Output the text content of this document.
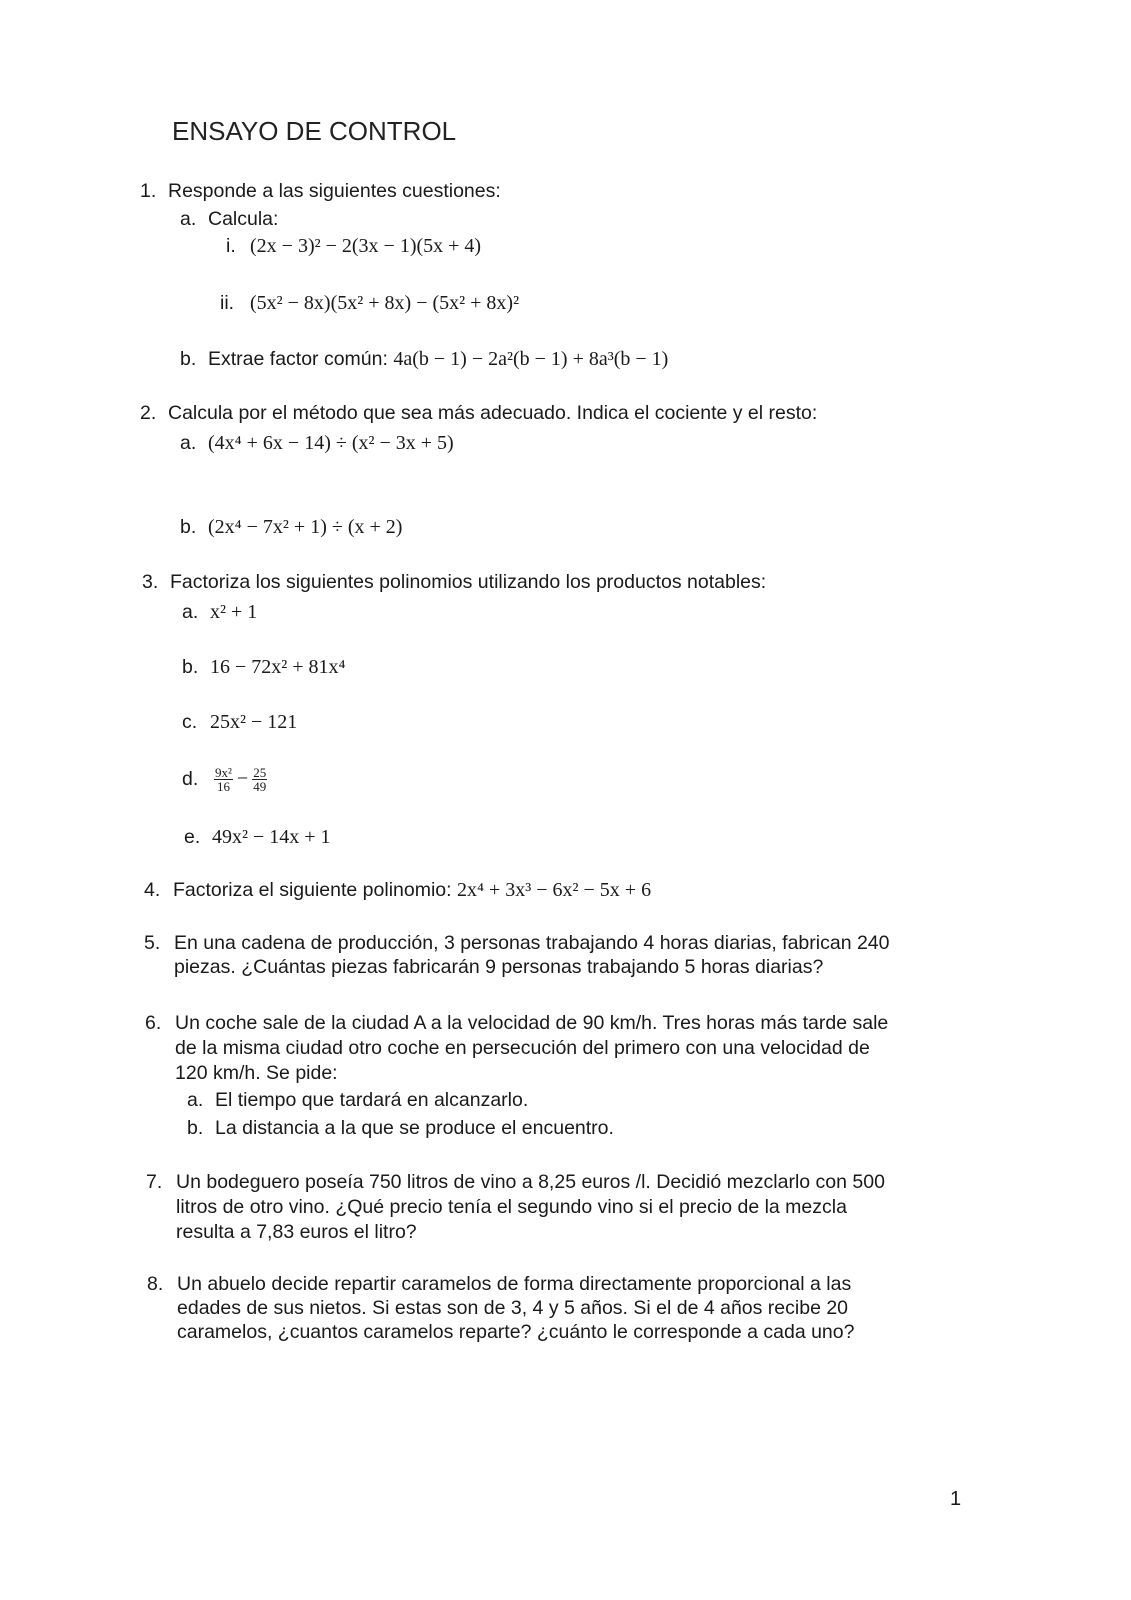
ENSAYO DE CONTROL
1. Responde a las siguientes cuestiones:
a. Calcula:
i. (2x − 3)² − 2(3x − 1)(5x + 4)
ii. (5x² − 8x)(5x² + 8x) − (5x² + 8x)²
b. Extrae factor común: 4a(b − 1) − 2a²(b − 1) + 8a³(b − 1)
2. Calcula por el método que sea más adecuado. Indica el cociente y el resto:
a. (4x⁴ + 6x − 14) ÷ (x² − 3x + 5)
b. (2x⁴ − 7x² + 1) ÷ (x + 2)
3. Factoriza los siguientes polinomios utilizando los productos notables:
a. x² + 1
b. 16 − 72x² + 81x⁴
c. 25x² − 121
d. $\frac{\text{9x²}}{16} - \frac{25}{49}$
e. 49x² − 14x + 1
4. Factoriza el siguiente polinomio: 2x⁴ + 3x³ − 6x² − 5x + 6
5. En una cadena de producción, 3 personas trabajando 4 horas diarias, fabrican 240
piezas. ¿Cuántas piezas fabricarán 9 personas trabajando 5 horas diarias?
6. Un coche sale de la ciudad A a la velocidad de 90 km/h. Tres horas más tarde sale
de la misma ciudad otro coche en persecución del primero con una velocidad de
120 km/h. Se pide:
a. El tiempo que tardará en alcanzarlo.
b. La distancia a la que se produce el encuentro.
7. Un bodeguero poseía 750 litros de vino a 8,25 euros /l. Decidió mezclarlo con 500
litros de otro vino. ¿Qué precio tenía el segundo vino si el precio de la mezcla
resulta a 7,83 euros el litro?
8. Un abuelo decide repartir caramelos de forma directamente proporcional a las
edades de sus nietos. Si estas son de 3, 4 y 5 años. Si el de 4 años recibe 20
caramelos, ¿cuantos caramelos reparte? ¿cuánto le corresponde a cada uno?
1
